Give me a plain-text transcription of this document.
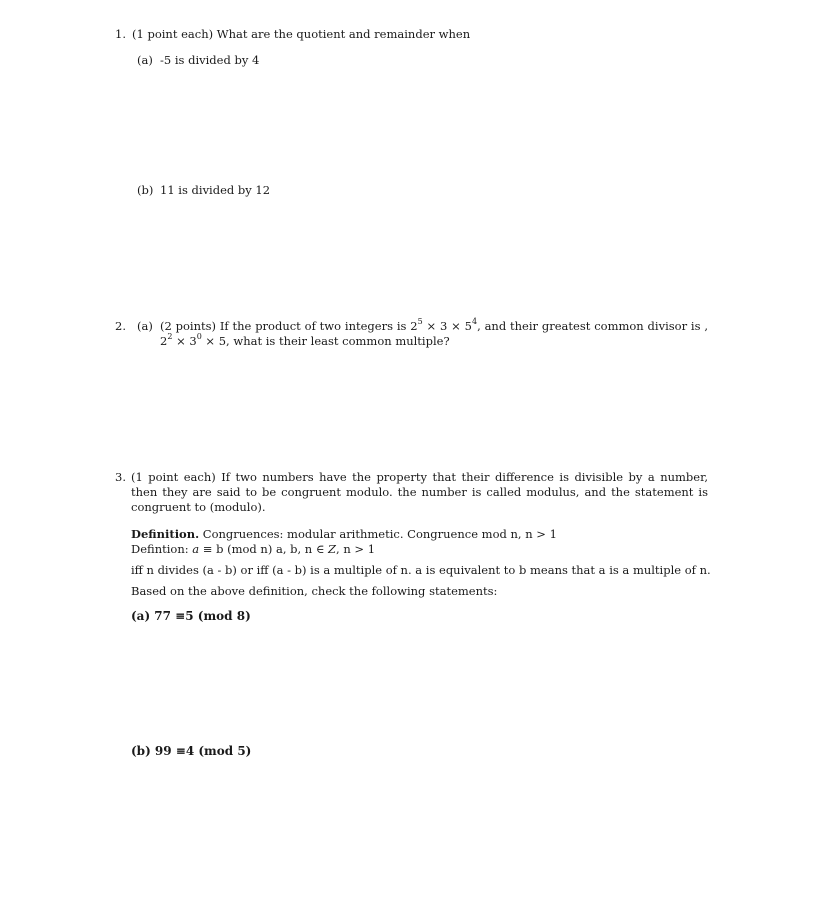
1. (1 point each) What are the quotient and remainder when
(a) -5 is divided by 4
(b) 11 is divided by 12
2. (a) (2 points) If the product of two integers is $2^5 \times 3 \times 5^4$, and their greatest common divisor is ,
$2^2 \times 3^0 \times 5$, what is their least common multiple?
3. (1 point each) If two numbers have the property that their difference is divisible by a number, then they are said to be congruent modulo. the number is called modulus, and the statement is congruent to (modulo).
Definition. Congruences: modular arithmetic. Congruence mod n, n > 1
Defintion: a ≡ b (mod n) a, b, n ∈ Z, n > 1
iff n divides (a - b) or iff (a - b) is a multiple of n. a is equivalent to b means that a is a multiple of n.
Based on the above definition, check the following statements:
(a) 77 ≡5 (mod 8)
(b) 99 ≡4 (mod 5)
